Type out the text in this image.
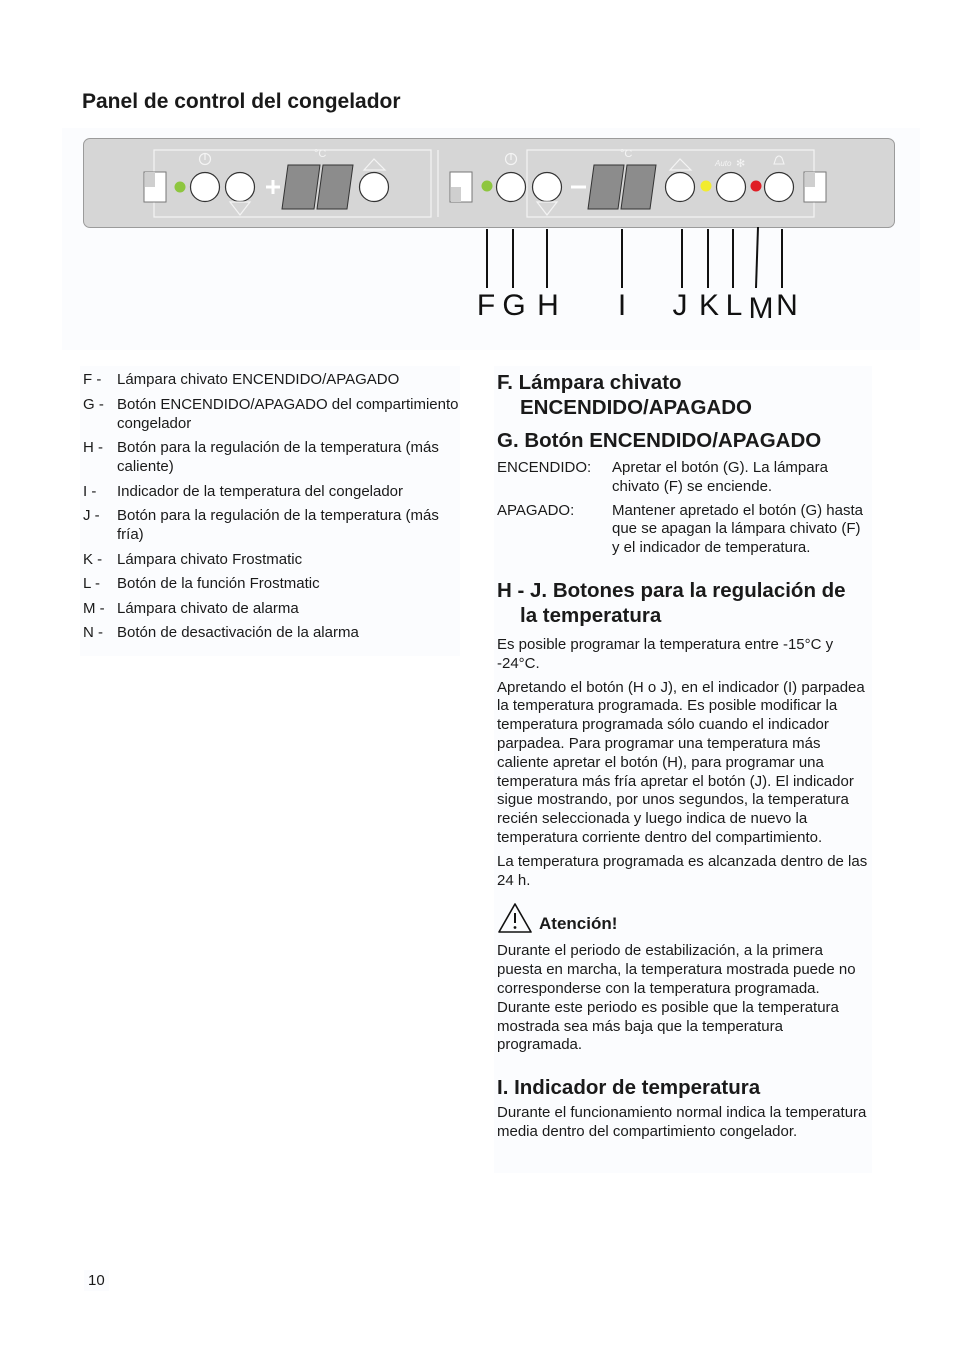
Panel de control del congelador
°C	°C
Auto ✻
F G H I J K L M N
F -	Lámpara chivato ENCENDIDO/APAGADO
G - Botón ENCENDIDO/APAGADO del compartimiento congelador
H - Botón para la regulación de la temperatura (más caliente)
I -	Indicador de la temperatura del congelador
J -	Botón para la regulación de la temperatura (más fría)
K - Lámpara chivato Frostmatic
L -	Botón de la función Frostmatic
M - Lámpara chivato de alarma
N - Botón de desactivación de la alarma
F. Lámpara chivato
ENCENDIDO/APAGADO
G. Botón ENCENDIDO/APAGADO
ENCENDIDO:	Apretar el botón (G). La lámpara chivato (F) se enciende.
APAGADO:	Mantener apretado el botón (G) hasta que se apagan la lámpara chivato (F) y el indicador de temperatura.
H - J. Botones para la regulación de
la temperatura

Es posible programar la temperatura entre -15°C y -24°C.

Apretando el botón (H o J), en el indicador (I) parpadea la temperatura programada. Es posible modificar la temperatura programada sólo cuando el indicador parpadea. Para programar una temperatura más caliente apretar el botón (H), para programar una temperatura más fría apretar el botón (J). El indicador sigue mostrando, por unos segundos, la temperatura recién seleccionada y luego indica de nuevo la temperatura corriente dentro del compartimiento.

La temperatura programada es alcanzada dentro de las 24 h.

Atención!

Durante el periodo de estabilización, a la primera puesta en marcha, la temperatura mostrada puede no corresponderse con la temperatura programada. Durante este periodo es posible que la temperatura mostrada sea más baja que la temperatura programada.

I. Indicador de temperatura

Durante el funcionamiento normal indica la temperatura media dentro del compartimiento congelador.

10
